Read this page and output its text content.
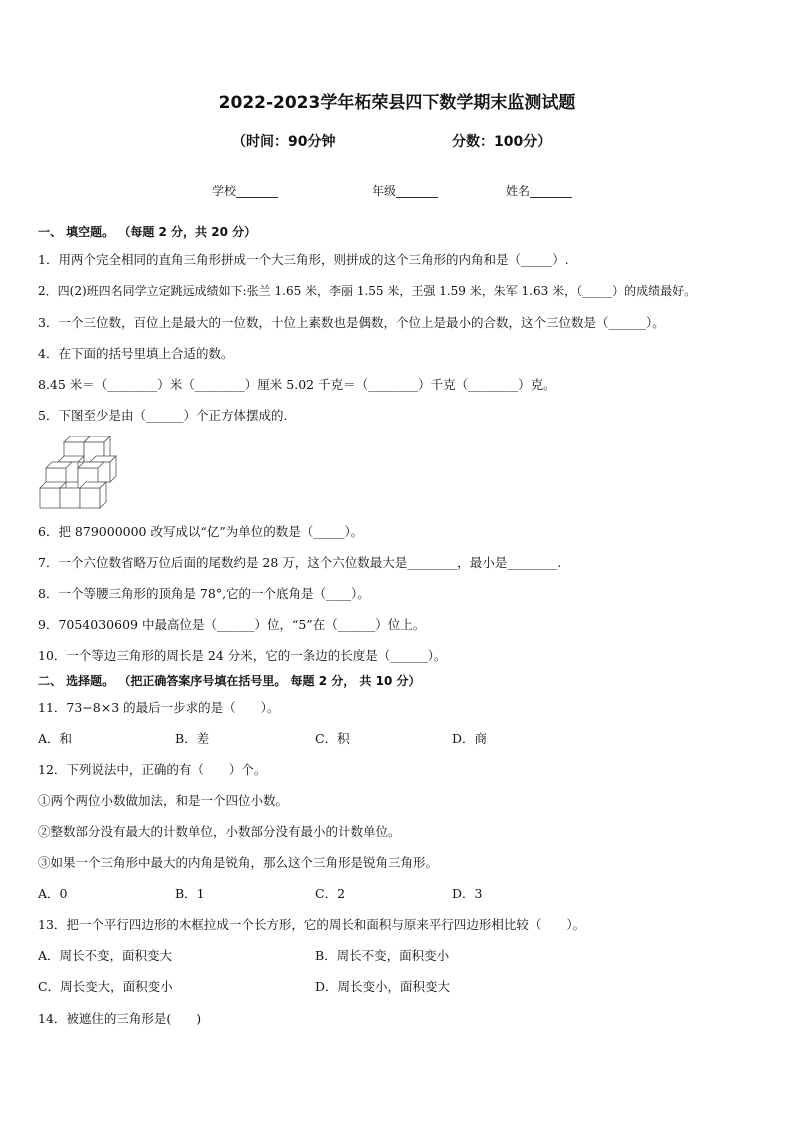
2022-2023学年柘荣县四下数学期末监测试题
（时间：90分钟	分数：100分）
学校_______	年级_______	姓名_______
一、 填空题。 （每题 2 分，共 20 分）
1．用两个完全相同的直角三角形拼成一个大三角形，则拼成的这个三角形的内角和是（_____）.
2．四(2)班四名同学立定跳远成绩如下:张兰 1.65 米，李丽 1.55 米，王强 1.59 米，朱军 1.63 米，（_____）的成绩最好。
3．一个三位数，百位上是最大的一位数，十位上素数也是偶数，个位上是最小的合数，这个三位数是（______）。
4．在下面的括号里填上合适的数。
8.45 米＝（________）米（________）厘米 5.02 千克＝（________）千克（________）克。
5．下图至少是由（______）个正方体摆成的.
6．把 879000000 改写成以“亿”为单位的数是（_____）。
7．一个六位数省略万位后面的尾数约是 28 万，这个六位数最大是________，最小是________.
8．一个等腰三角形的顶角是 78°,它的一个底角是（____）。
9．7054030609 中最高位是（______）位，“5”在（______）位上。
10．一个等边三角形的周长是 24 分米，它的一条边的长度是（______）。
二、 选择题。 （把正确答案序号填在括号里。 每题 2 分， 共 10 分）
11．73−8×3 的最后一步求的是（　　）。
A．和	B．差	C．积	D．商
12．下列说法中，正确的有（　　）个。
①两个两位小数做加法，和是一个四位小数。
②整数部分没有最大的计数单位，小数部分没有最小的计数单位。
③如果一个三角形中最大的内角是锐角，那么这个三角形是锐角三角形。
A．0	B．1	C．2	D．3
13．把一个平行四边形的木框拉成一个长方形，它的周长和面积与原来平行四边形相比较（　　）。
A．周长不变，面积变大	B．周长不变，面积变小
C．周长变大，面积变小	D．周长变小，面积变大
14．被遮住的三角形是(　　)
